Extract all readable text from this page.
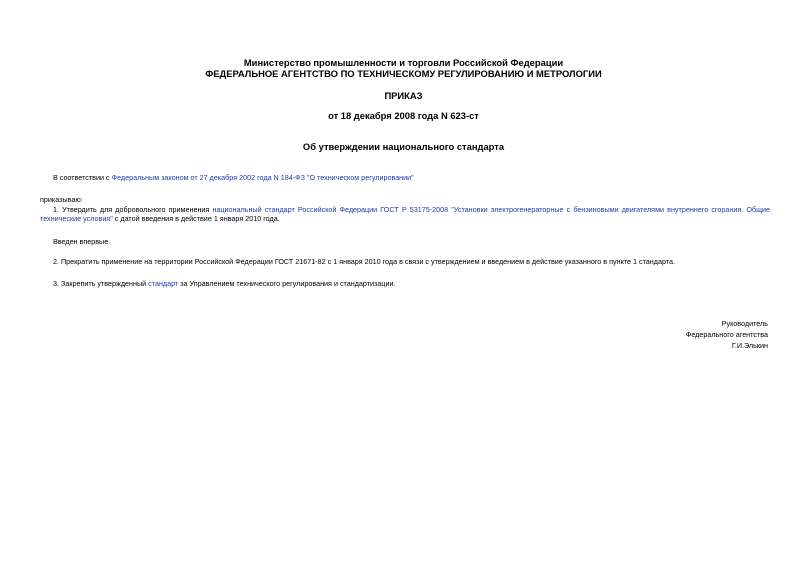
Министерство промышленности и торговли Российской Федерации
ФЕДЕРАЛЬНОЕ АГЕНТСТВО ПО ТЕХНИЧЕСКОМУ РЕГУЛИРОВАНИЮ И МЕТРОЛОГИИ
ПРИКАЗ
от 18 декабря 2008 года N 623-ст
Об утверждении национального стандарта
В соответствии с Федеральным законом от 27 декабря 2002 года N 184-ФЗ "О техническом регулировании"
приказываю:
1. Утвердить для добровольного применения национальный стандарт Российской Федерации ГОСТ Р 53175-2008 "Установки электрогенераторные с бензиновыми двигателями внутреннего сгорания. Общие технические условия" с датой введения в действие 1 января 2010 года.
Введен впервые.
2. Прекратить применение на территории Российской Федерации ГОСТ 21671-82 с 1 января 2010 года в связи с утверждением и введением в действие указанного в пункте 1 стандарта.
3. Закрепить утвержденный стандарт за Управлением технического регулирования и стандартизации.
Руководитель
Федерального агентства
Г.И.Элькин
